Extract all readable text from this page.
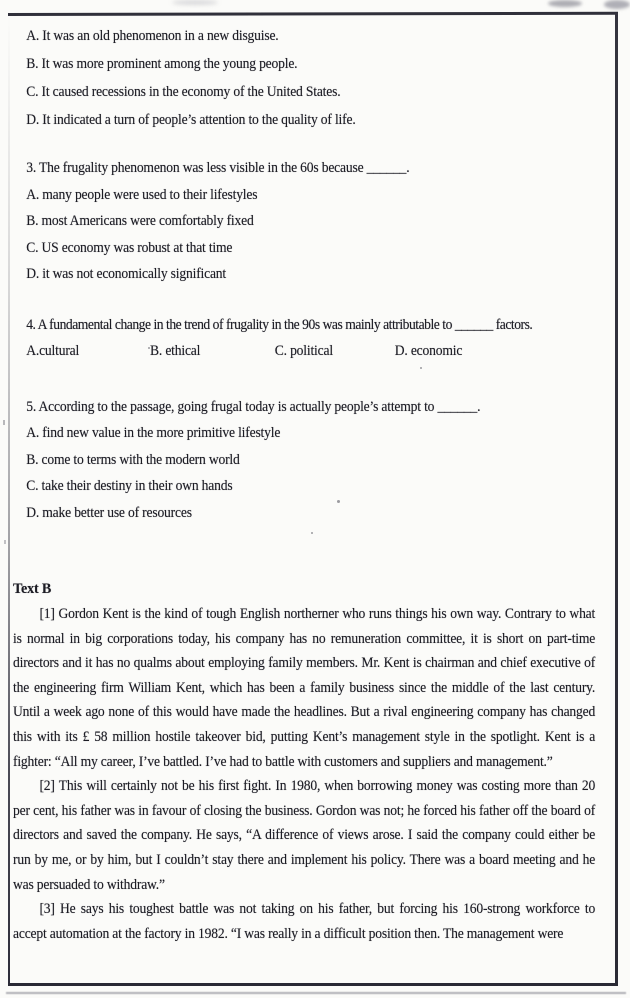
A. It was an old phenomenon in a new disguise.
B. It was more prominent among the young people.
C. It caused recessions in the economy of the United States.
D. It indicated a turn of people’s attention to the quality of life.
3. The frugality phenomenon was less visible in the 60s because ______.
A. many people were used to their lifestyles
B. most Americans were comfortably fixed
C. US economy was robust at that time
D. it was not economically significant
4. A fundamental change in the trend of frugality in the 90s was mainly attributable to ______ factors.
A.cultural	B. ethical	C. political	D. economic
5. According to the passage, going frugal today is actually people’s attempt to ______.
A. find new value in the more primitive lifestyle
B. come to terms with the modern world
C. take their destiny in their own hands
D. make better use of resources
Text B

[1] Gordon Kent is the kind of tough English northerner who runs things his own way. Contrary to what is normal in big corporations today, his company has no remuneration committee, it is short on part-time directors and it has no qualms about employing family members. Mr. Kent is chairman and chief executive of the engineering firm William Kent, which has been a family business since the middle of the last century. Until a week ago none of this would have made the headlines. But a rival engineering company has changed this with its £ 58 million hostile takeover bid, putting Kent’s management style in the spotlight. Kent is a fighter: “All my career, I’ve battled. I’ve had to battle with customers and suppliers and management.”

[2] This will certainly not be his first fight. In 1980, when borrowing money was costing more than 20 per cent, his father was in favour of closing the business. Gordon was not; he forced his father off the board of directors and saved the company. He says, “A difference of views arose. I said the company could either be run by me, or by him, but I couldn’t stay there and implement his policy. There was a board meeting and he was persuaded to withdraw.”

[3] He says his toughest battle was not taking on his father, but forcing his 160-strong workforce to accept automation at the factory in 1982. “I was really in a difficult position then. The management were
